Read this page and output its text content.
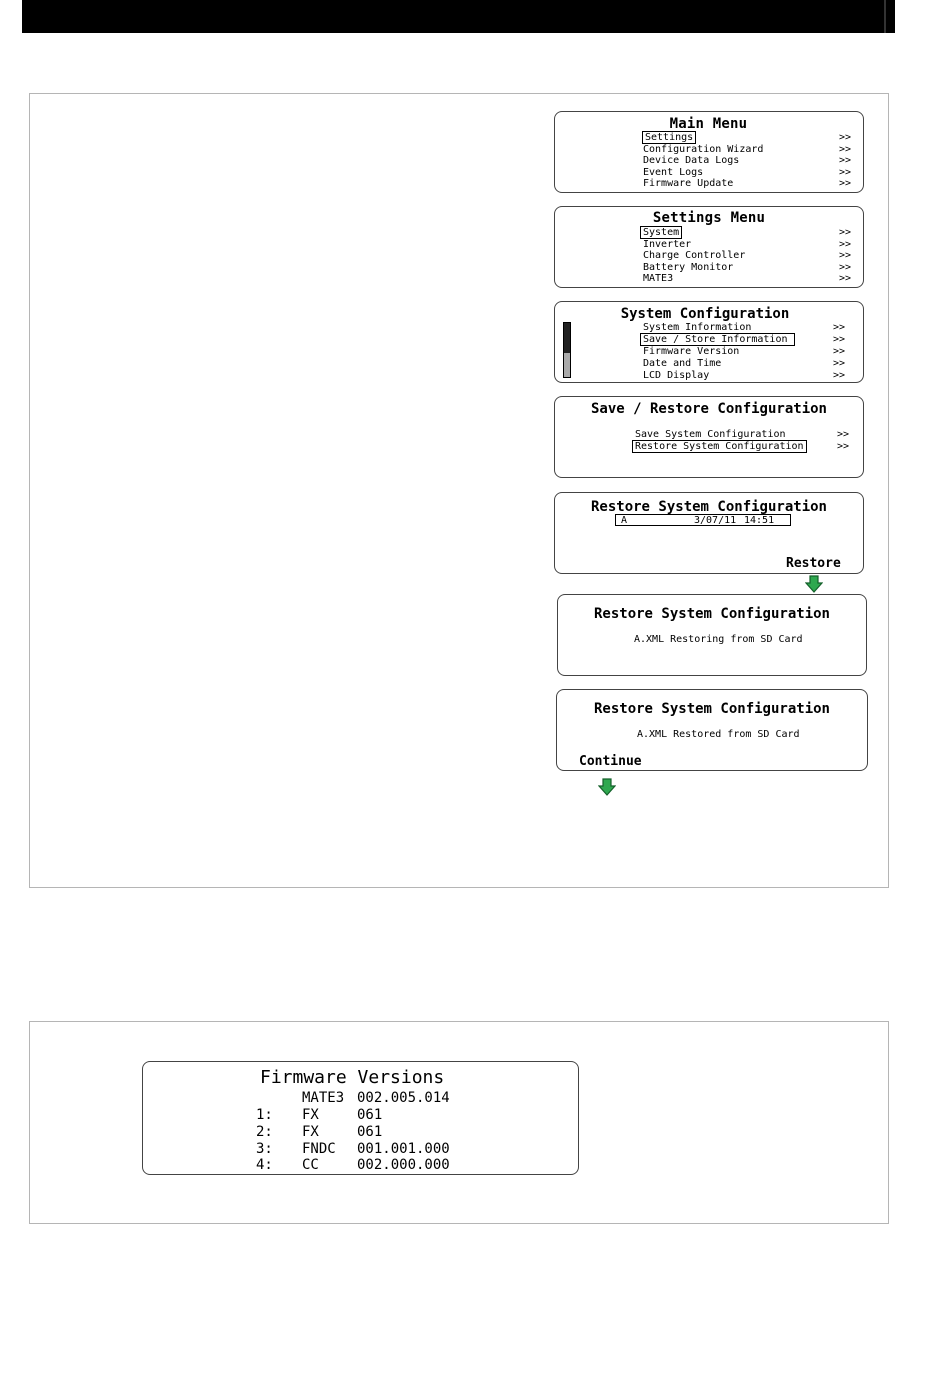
Main Menu
Settings
Configuration Wizard
Device Data Logs
Event Logs
Firmware Update
>>
>>
>>
>>
>>
Settings Menu
System
Inverter
Charge Controller
Battery Monitor
MATE3
>>
>>
>>
>>
>>
System Configuration
System Information
Save / Store Information
Firmware Version
Date and Time
LCD Display
>>
>>
>>
>>
>>
Save / Restore Configuration
Save System Configuration
Restore System Configuration
>>
>>
Restore System Configuration
A	3/07/11 14:51
Restore
Restore System Configuration
A.XML Restoring from SD Card
Restore System Configuration
A.XML Restored from SD Card
Continue
Firmware Versions
MATE3 002.005.014
1: FX	061
2: FX	061
3: FNDC 001.001.000
4: CC	002.000.000
